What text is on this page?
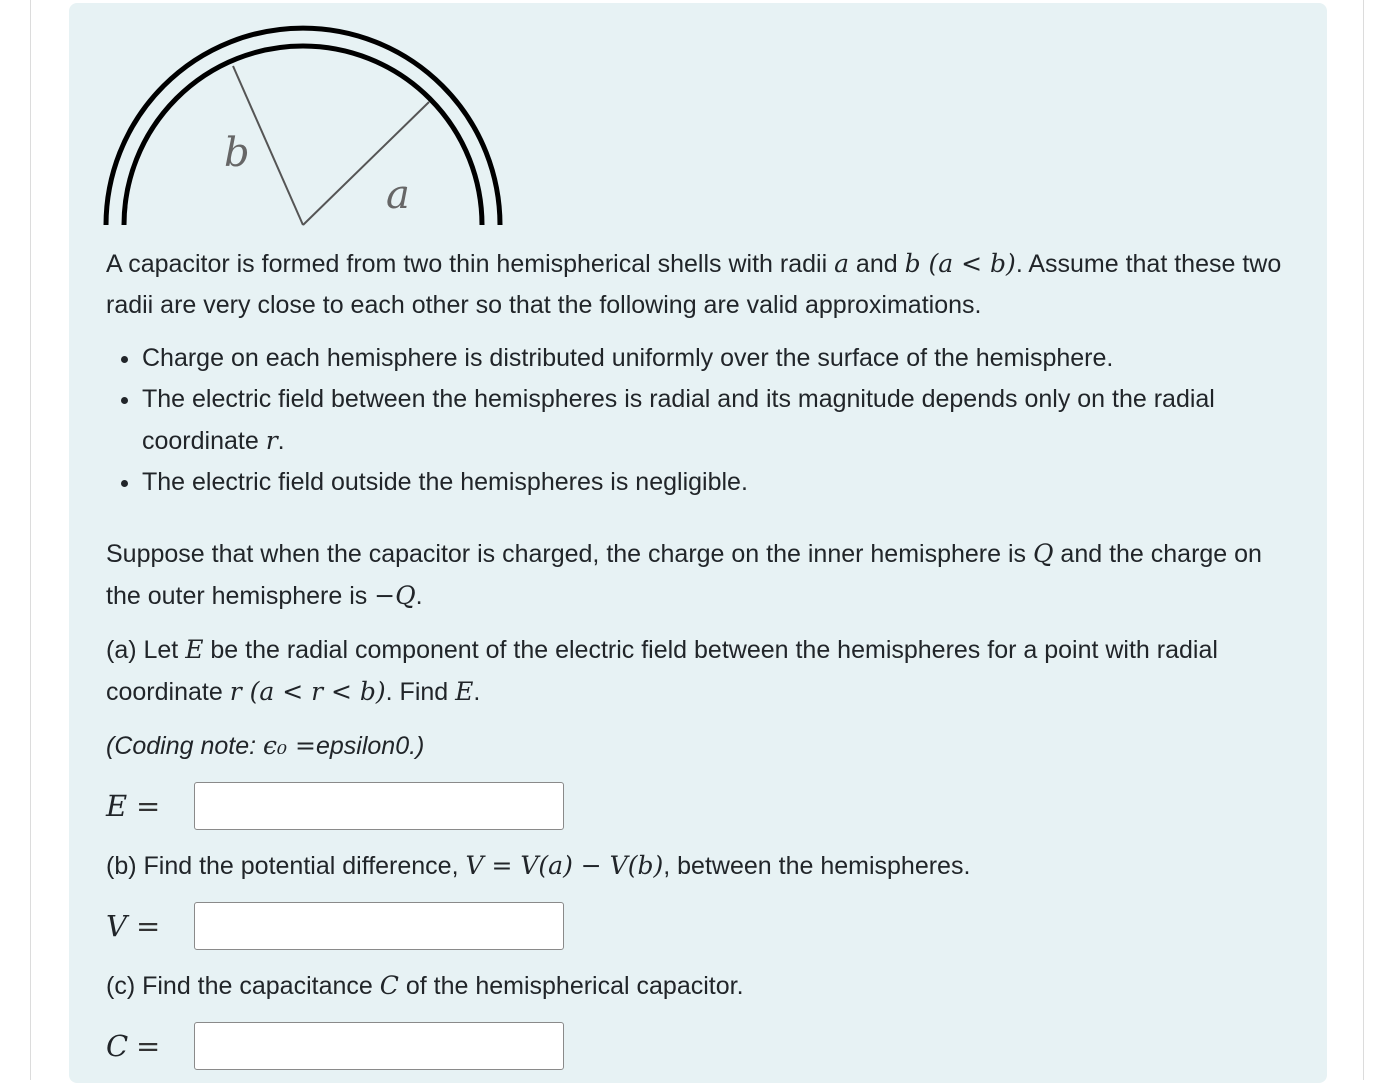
b
a

A capacitor is formed from two thin hemispherical shells with radii a and b (a < b). Assume that these two radii are very close to each other so that the following are valid approximations.

• Charge on each hemisphere is distributed uniformly over the surface of the hemisphere.
• The electric field between the hemispheres is radial and its magnitude depends only on the radial coordinate r.
• The electric field outside the hemispheres is negligible.

Suppose that when the capacitor is charged, the charge on the inner hemisphere is Q and the charge on the outer hemisphere is −Q.

(a) Let E be the radial component of the electric field between the hemispheres for a point with radial coordinate r (a < r < b). Find E.

(Coding note: ϵ₀ =epsilon0.)

E =

(b) Find the potential difference, V = V(a) − V(b), between the hemispheres.

V =

(c) Find the capacitance C of the hemispherical capacitor.

C =
